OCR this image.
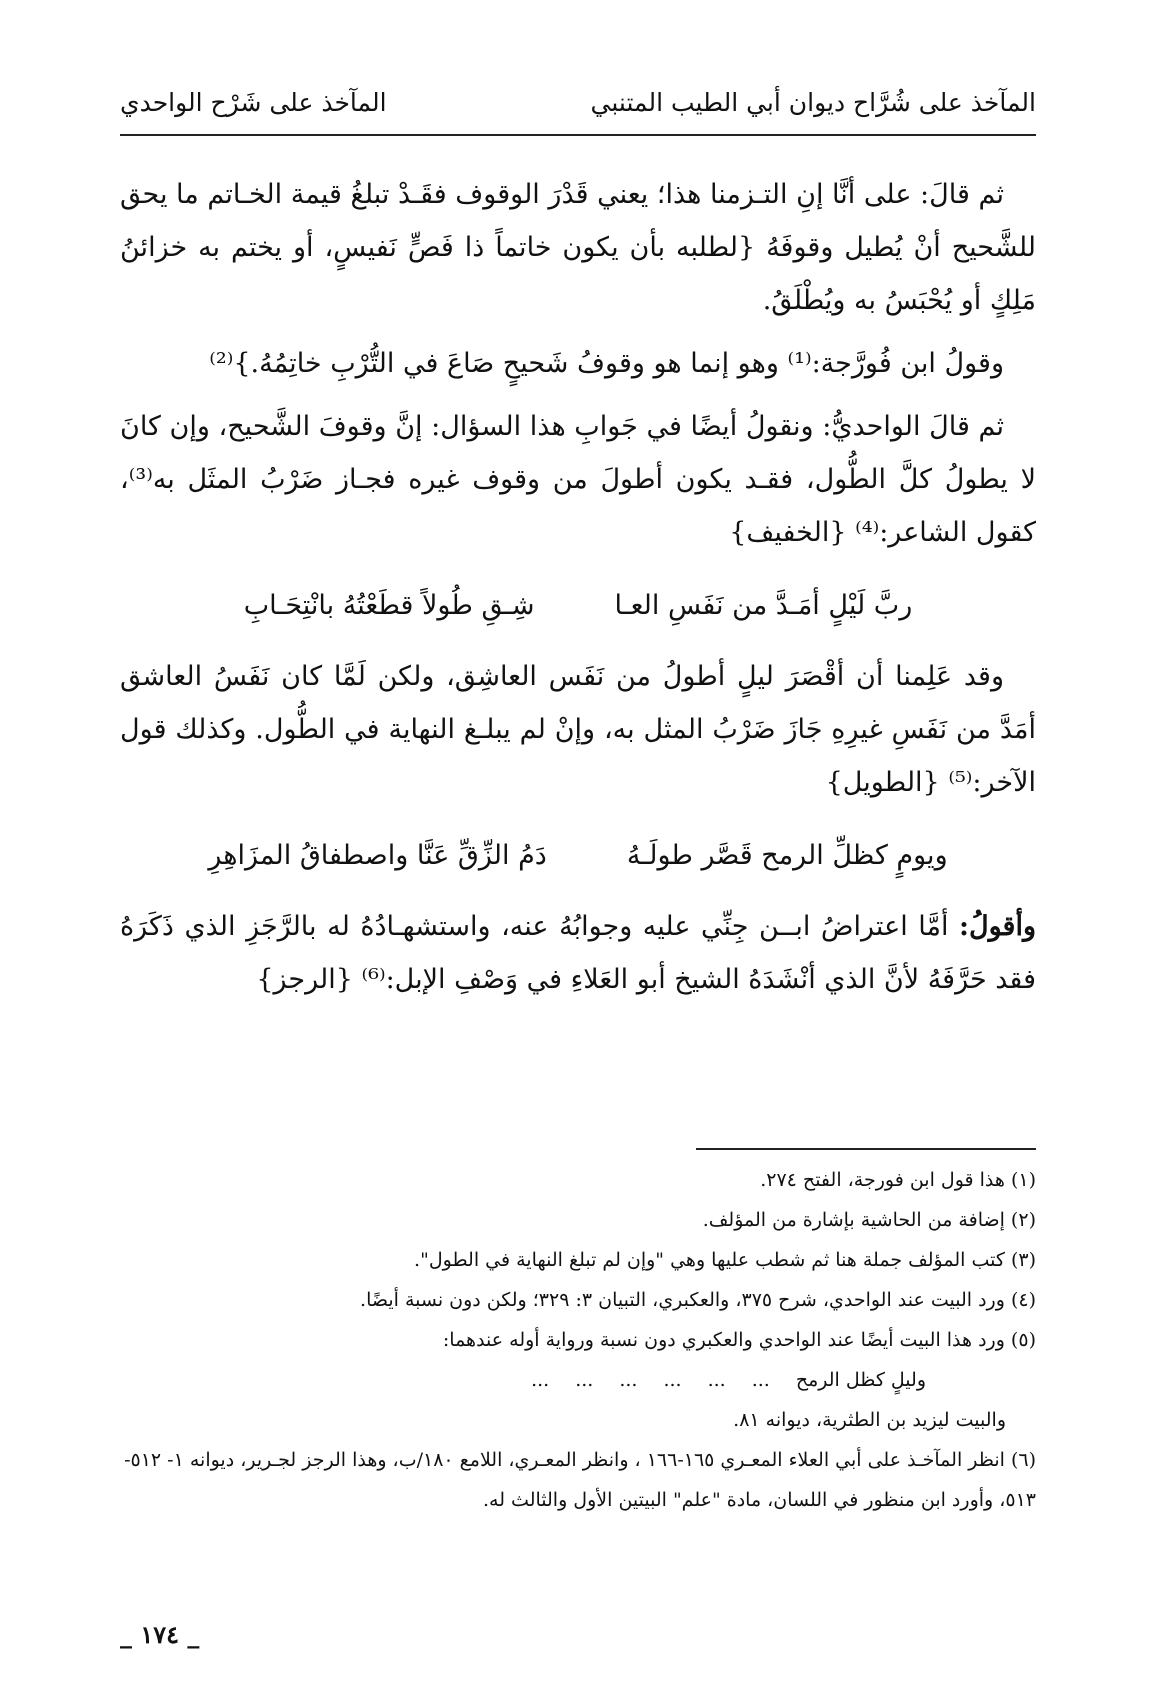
المآخذ على شُرَّاح ديوان أبي الطيب المتنبي
المآخذ على شَرْح الواحدي

ثم قالَ: على أنَّا إنِ التـزمنا هذا؛ يعني قَدْرَ الوقوف فقَـدْ تبلغُ قيمة الخـاتم ما يحق للشَّحيح أنْ يُطيل وقوفَهُ {لطلبه بأن يكون خاتماً ذا فَصٍّ نَفيسٍ، أو يختم به خزائنُ مَلِكٍ أو يُحْبَسُ به ويُطْلَقُ.

وقولُ ابن فُورَّجة:⁽¹⁾ وهو إنما هو وقوفُ شَحيحٍ صَاعَ في التُّرْبِ خاتِمُهُ.}⁽²⁾

ثم قالَ الواحديُّ: ونقولُ أيضًا في جَوابِ هذا السؤال: إنَّ وقوفَ الشَّحيح، وإن كانَ لا يطولُ كلَّ الطُّول، فقـد يكون أطولَ من وقوف غيره فجـاز ضَرْبُ المثَل به⁽³⁾، كقول الشاعر:⁽⁴⁾ {الخفيف}

ربَّ لَيْلٍ أمَـدَّ من نَفَسِ العـا
شِـقِ طُولاً قطَعْتُهُ بانْتِحَـابِ

وقد عَلِمنا أن أقْصَرَ ليلٍ أطولُ من نَفَس العاشِق، ولكن لَمَّا كان نَفَسُ العاشق أمَدَّ من نَفَسِ غيرِهِ جَازَ ضَرْبُ المثل به، وإنْ لم يبلـغ النهاية في الطُّول. وكذلك قول الآخر:⁽⁵⁾ {الطويل}

ويومٍ كظلِّ الرمح قَصَّر طولَـهُ
دَمُ الزِّقِّ عَنَّا واصطفاقُ المزَاهِرِ

وأقولُ: أمَّا اعتراضُ ابــن جِنِّي عليه وجوابُهُ عنه، واستشهـادُهُ له بالرَّجَزِ الذي ذَكَرَهُ فقد حَرَّفَهُ لأنَّ الذي أنْشَدَهُ الشيخ أبو العَلاءِ في وَصْفِ الإبل:⁽⁶⁾ {الرجز}

(١) هذا قول ابن فورجة، الفتح ٢٧٤.

(٢) إضافة من الحاشية بإشارة من المؤلف.

(٣) كتب المؤلف جملة هنا ثم شطب عليها وهي "وإن لم تبلغ النهاية في الطول".

(٤) ورد البيت عند الواحدي، شرح ٣٧٥، والعكبري، التبيان ٣: ٣٢٩؛ ولكن دون نسبة أيضًا.

(٥) ورد هذا البيت أيضًا عند الواحدي والعكبري دون نسبة ورواية أوله عندهما:

وليلٍ كظل الرمح
...
...
...
...
...
...

والبيت ليزيد بن الطثرية، ديوانه ٨١.

(٦) انظر المآخـذ على أبي العلاء المعـري ١٦٥-١٦٦ ، وانظر المعـري، اللامع ١٨٠/ب، وهذا الرجز لجـرير، ديوانه ١- ٥١٢- ٥١٣، وأورد ابن منظور في اللسان، مادة "علم" البيتين الأول والثالث له.

_ ١٧٤ _
